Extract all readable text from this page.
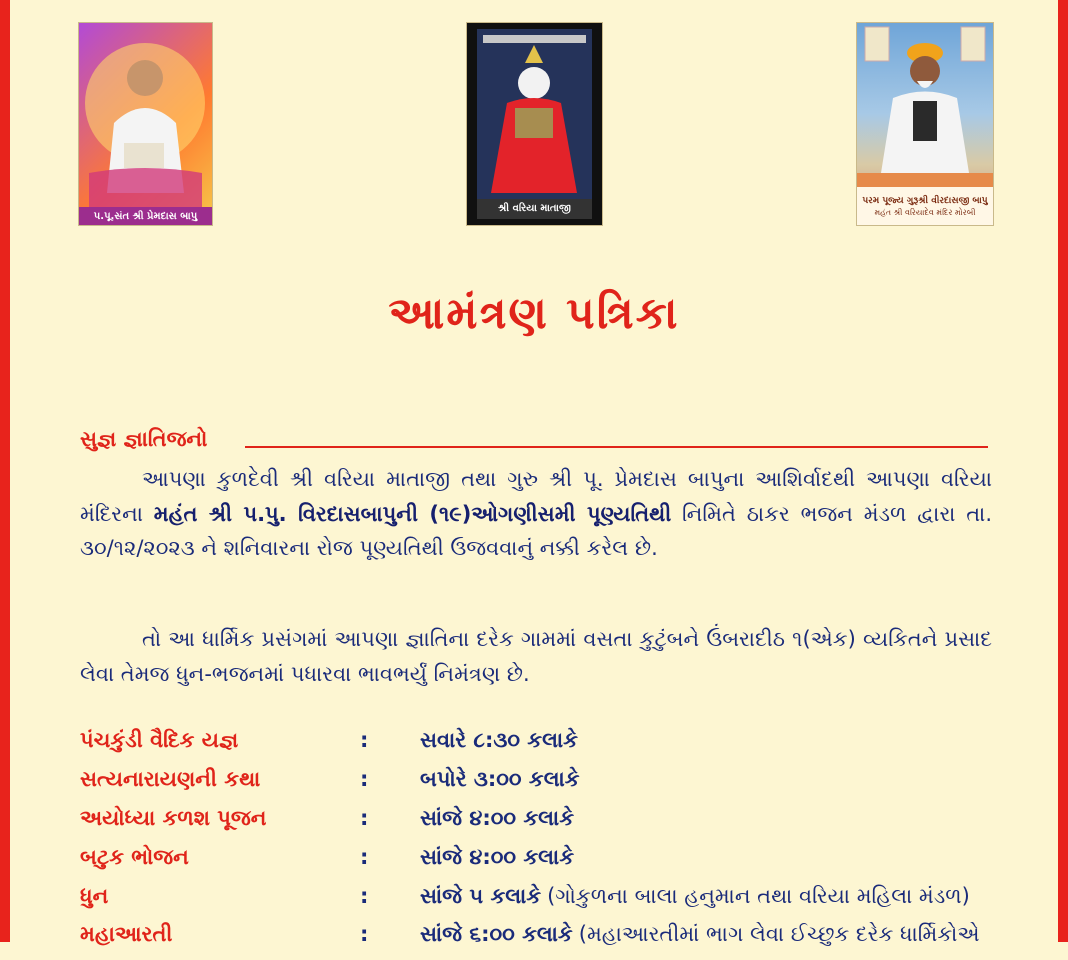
પ.પૂ.સંત શ્રી પ્રેમદાસ બાપુ
શ્રી વરિયા માતાજી
પરમ પૂજ્ય ગુરૂશ્રી વીરદાસજી બાપુ
મહંત શ્રી વરિયાદેવ મંદિર મોરબી
આમંત્રણ પત્રિકા
સુજ્ઞ જ્ઞાતિજનો
આપણા કુળદેવી શ્રી વરિયા માતાજી તથા ગુરુ શ્રી પૂ. પ્રેમદાસ બાપુના આશિર્વાદથી આપણા વરિયા મંદિરના મહંત શ્રી પ.પુ. વિરદાસબાપુની (૧૯)ઓગણીસમી પૂણ્યતિથી નિમિતે ઠાકર ભજન મંડળ દ્વારા તા. ૩૦/૧૨/૨૦૨૩ ને શનિવારના રોજ પૂણ્યતિથી ઉજવવાનું નક્કી કરેલ છે.
તો આ ધાર્મિક પ્રસંગમાં આપણા જ્ઞાતિના દરેક ગામમાં વસતા કુટુંબને ઉંબરાદીઠ ૧(એક) વ્યકિતને પ્રસાદ લેવા તેમજ ધુન-ભજનમાં પધારવા ભાવભર્યું નિમંત્રણ છે.
પંચકુંડી વૈદિક યજ્ઞ	: સવારે ૮:૩૦ કલાકે
સત્યનારાયણની કથા	: બપોરે ૩:૦૦ કલાકે
અયોધ્યા કળશ પૂજન	: સાંજે ૪:૦૦ કલાકે
બટુક ભોજન	: સાંજે ૪:૦૦ કલાકે
ધુન	: સાંજે ૫ કલાકે (ગોકુળના બાલા હનુમાન તથા વરિયા મહિલા મંડળ)
મહાઆરતી	: સાંજે ૬:૦૦ કલાકે (મહાઆરતીમાં ભાગ લેવા ઈચ્છુક દરેક ધાર્મિકોએ
